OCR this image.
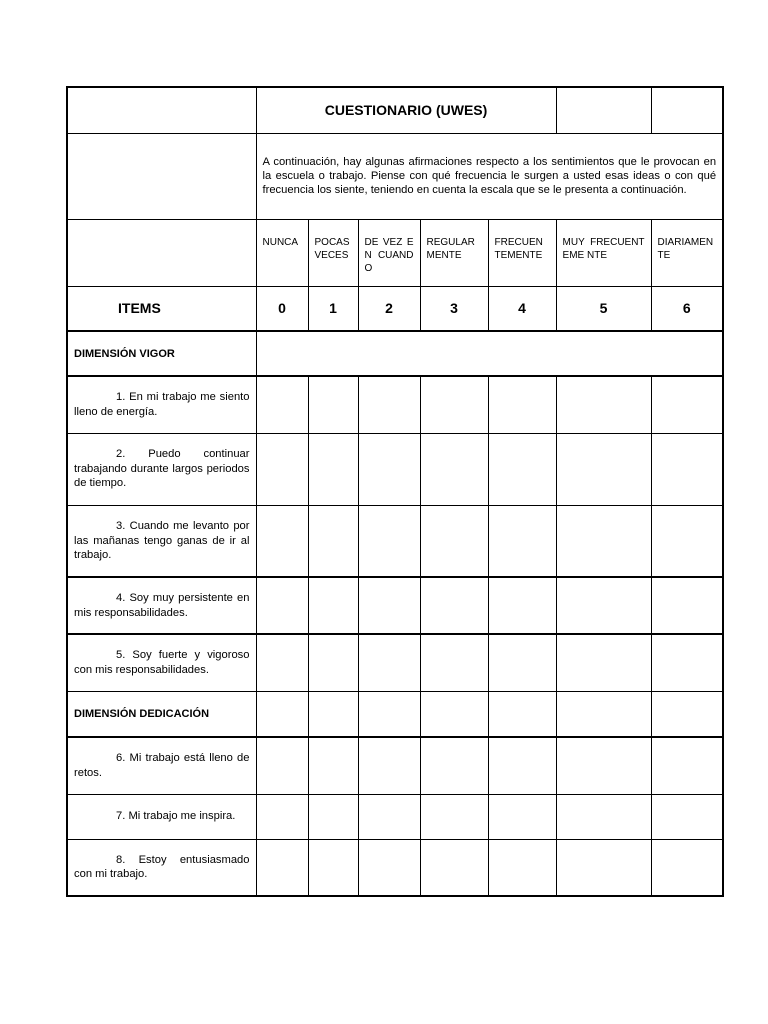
	CUESTIONARIO (UWES)						
	A continuación, hay algunas afirmaciones respecto a los sentimientos que le provocan en la escuela o trabajo. Piense con qué frecuencia le surgen a usted esas ideas o con qué frecuencia los siente, teniendo en cuenta la escala que se le presenta a continuación.						
	NUNCA	POCAS VECES	DE VEZ EN CUANDO	REGULAR MENTE	FRECUEN TEMENTE	MUY FRECUENTEME NTE	DIARIAMEN TE
ITEMS	0	1	2	3	4	5	6
DIMENSIÓN VIGOR							
1. En mi trabajo me siento lleno de energía.							
2. Puedo continuar trabajando durante largos periodos de tiempo.							
3. Cuando me levanto por las mañanas tengo ganas de ir al trabajo.							
4. Soy muy persistente en mis responsabilidades.							
5. Soy fuerte y vigoroso con mis responsabilidades.							
DIMENSIÓN DEDICACIÓN							
6. Mi trabajo está lleno de retos.							
7. Mi trabajo me inspira.							
8. Estoy entusiasmado con mi trabajo.							
